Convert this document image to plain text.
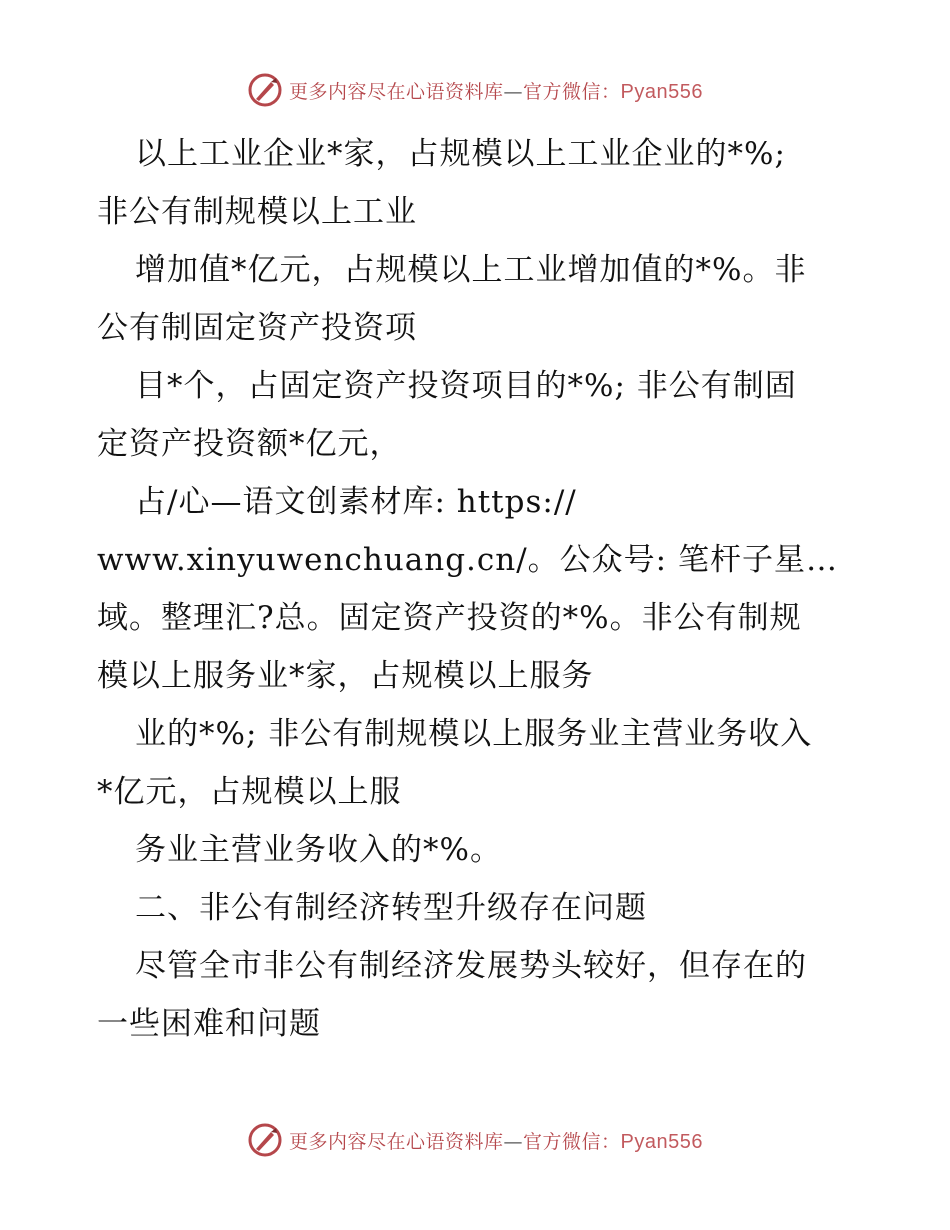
更多内容尽在心语资料库—官方微信：Pyan556
以上工业企业*家，占规模以上工业企业的*%;
非公有制规模以上工业
增加值*亿元，占规模以上工业增加值的*%。非
公有制固定资产投资项
目*个，占固定资产投资项目的*%; 非公有制固
定资产投资额*亿元，
占/心—语文创素材库: https://
www.xinyuwenchuang.cn/。公众号: 笔杆子星…
域。整理汇?总。固定资产投资的*%。非公有制规
模以上服务业*家，占规模以上服务
业的*%; 非公有制规模以上服务业主营业务收入
*亿元，占规模以上服
务业主营业务收入的*%。
二、非公有制经济转型升级存在问题
尽管全市非公有制经济发展势头较好，但存在的
一些困难和问题
更多内容尽在心语资料库—官方微信：Pyan556
